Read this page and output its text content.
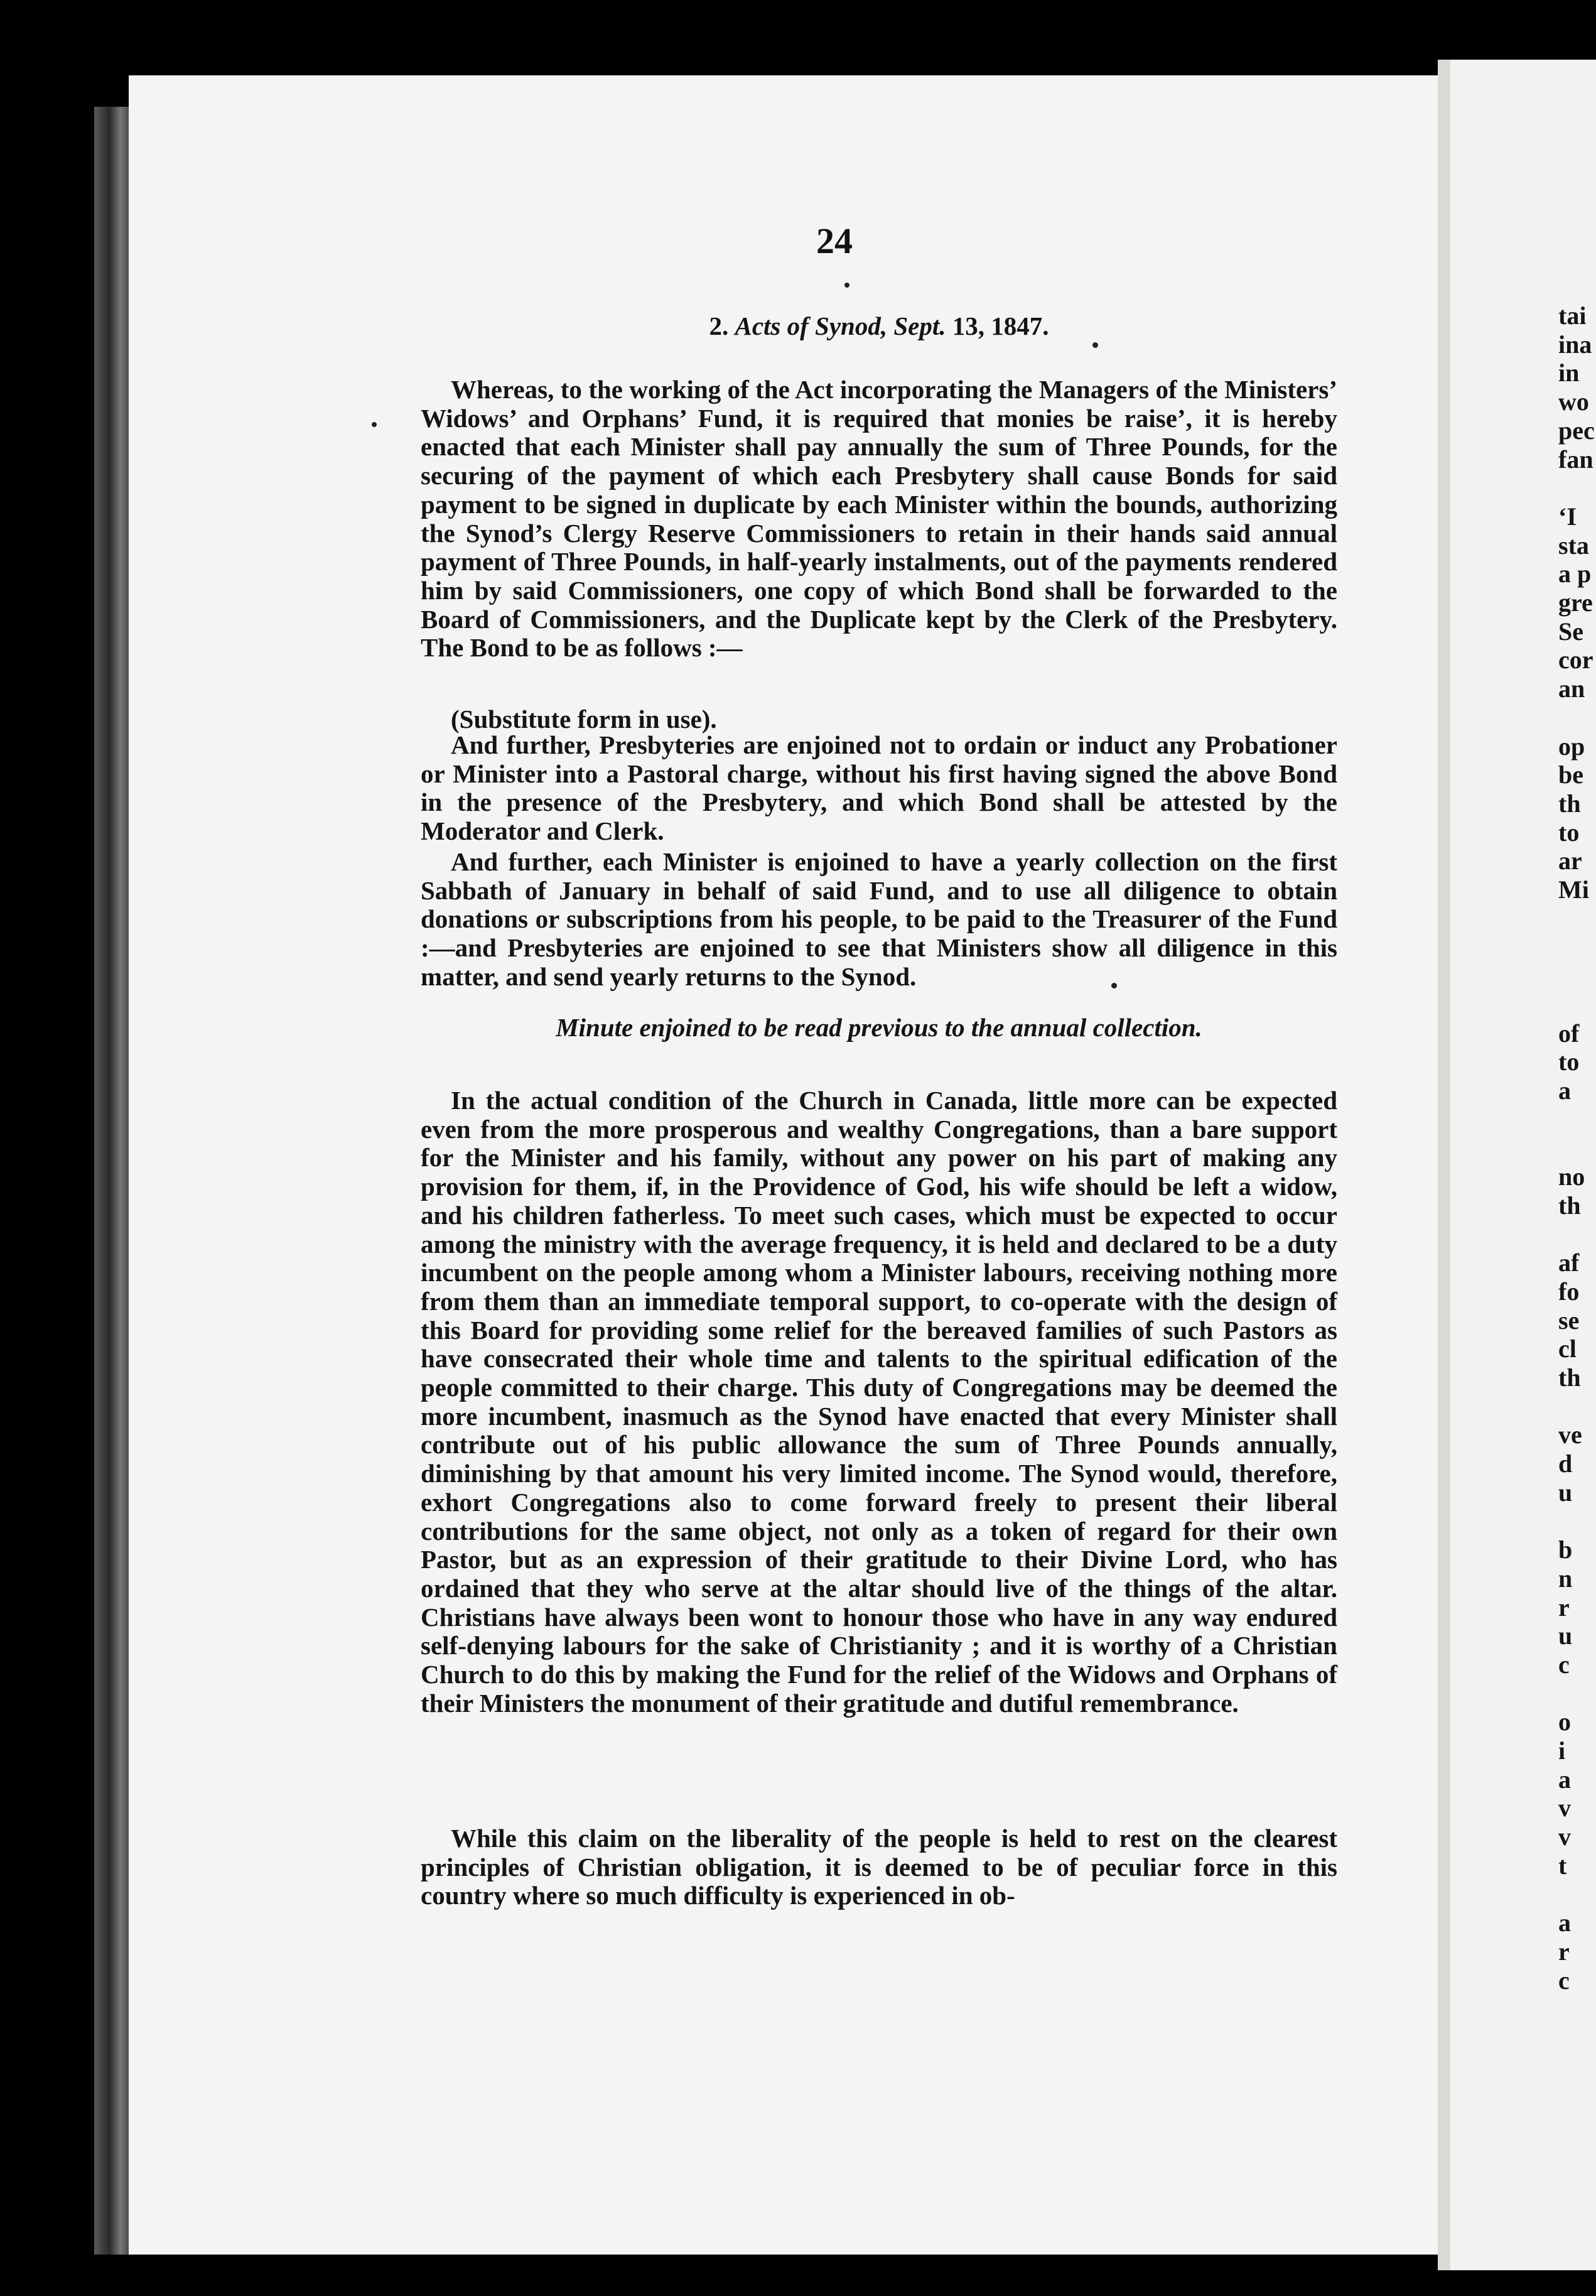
24
2. Acts of Synod, Sept. 13, 1847.

Whereas, to the working of the Act incorporating the Managers of the Ministers’ Widows’ and Orphans’ Fund, it is required that monies be raise’, it is hereby enacted that each Minister shall pay annually the sum of Three Pounds, for the securing of the payment of which each Presbytery shall cause Bonds for said payment to be signed in duplicate by each Minister within the bounds, authorizing the Synod’s Clergy Reserve Commissioners to retain in their hands said annual payment of Three Pounds, in half-yearly instalments, out of the payments rendered him by said Commissioners, one copy of which Bond shall be forwarded to the Board of Commissioners, and the Duplicate kept by the Clerk of the Presbytery. The Bond to be as follows :—

(Substitute form in use).

And further, Presbyteries are enjoined not to ordain or induct any Probationer or Minister into a Pastoral charge, without his first having signed the above Bond in the presence of the Presbytery, and which Bond shall be attested by the Moderator and Clerk.

And further, each Minister is enjoined to have a yearly collection on the first Sabbath of January in behalf of said Fund, and to use all diligence to obtain donations or subscriptions from his people, to be paid to the Treasurer of the Fund :—and Presbyteries are enjoined to see that Ministers show all diligence in this matter, and send yearly returns to the Synod.

Minute enjoined to be read previous to the annual collection.

In the actual condition of the Church in Canada, little more can be expected even from the more prosperous and wealthy Congregations, than a bare support for the Minister and his family, without any power on his part of making any provision for them, if, in the Providence of God, his wife should be left a widow, and his children fatherless. To meet such cases, which must be expected to occur among the ministry with the average frequency, it is held and declared to be a duty incumbent on the people among whom a Minister labours, receiving nothing more from them than an immediate temporal support, to co-operate with the design of this Board for providing some relief for the bereaved families of such Pastors as have consecrated their whole time and talents to the spiritual edification of the people committed to their charge. This duty of Congregations may be deemed the more incumbent, inasmuch as the Synod have enacted that every Minister shall contribute out of his public allowance the sum of Three Pounds annually, diminishing by that amount his very limited income. The Synod would, therefore, exhort Congregations also to come forward freely to present their liberal contributions for the same object, not only as a token of regard for their own Pastor, but as an expression of their gratitude to their Divine Lord, who has ordained that they who serve at the altar should live of the things of the altar. Christians have always been wont to honour those who have in any way endured self-denying labours for the sake of Christianity ; and it is worthy of a Christian Church to do this by making the Fund for the relief of the Widows and Orphans of their Ministers the monument of their gratitude and dutiful remembrance.

While this claim on the liberality of the people is held to rest on the clearest principles of Christian obligation, it is deemed to be of peculiar force in this country where so much difficulty is experienced in ob-

tai
ina
in
wo
pec
fan
‘I
sta
a p
gre
Se
cor
an
op
be
th
to
ar
Mi
of
to
a
no
th
af
fo
se
cl
th
ve
d
u
b
n
u
c
o
i
a
v
v
t
a
r
c
r
